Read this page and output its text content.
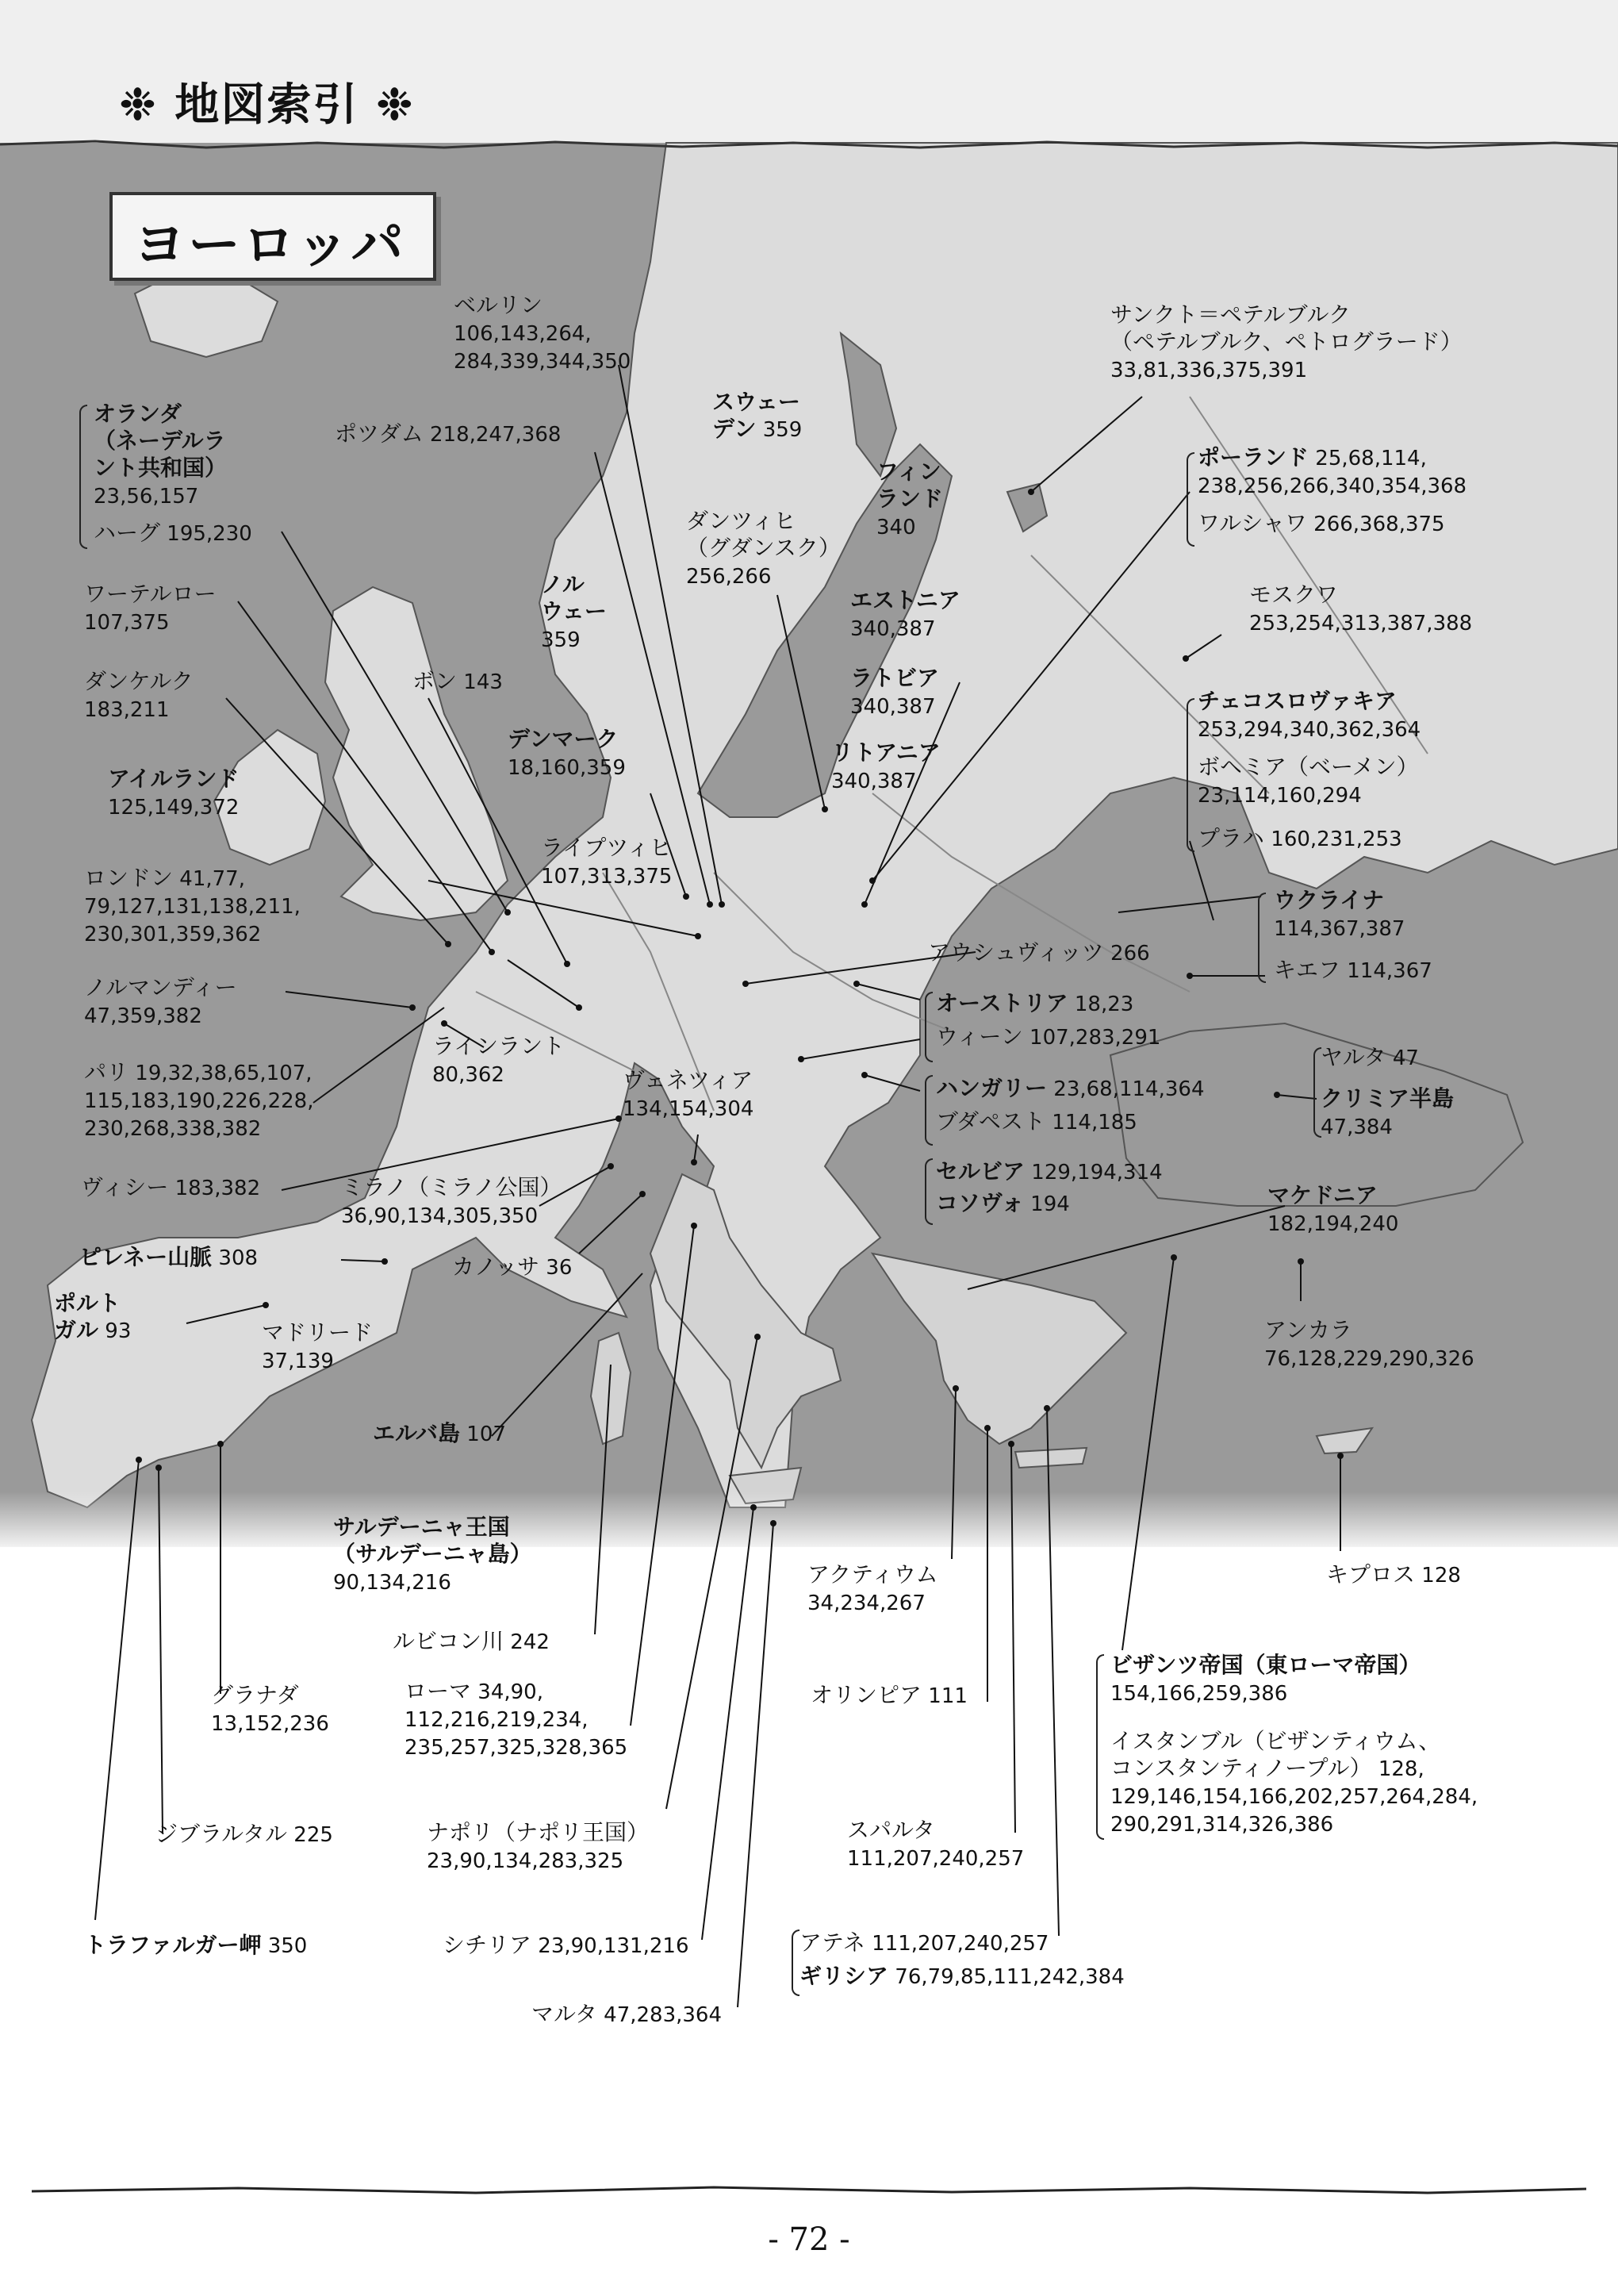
❉ 地図索引 ❉
ヨーロッパ
ベルリン
106,143,264,
284,339,344,350
ポツダム 218,247,368
サンクト＝ペテルブルク
（ペテルブルク、ペトログラード）
33,81,336,375,391
オランダ
（ネーデルラ
ント共和国）
23,56,157
ハーグ 195,230
スウェー
デン 359
フィン
ランド
340
ポーランド 25,68,114,
238,256,266,340,354,368
ワルシャワ 266,368,375
ダンツィヒ
（グダンスク）
256,266
ワーテルロー
107,375
ノル
ウェー
359
エストニア
340,387
モスクワ
253,254,313,387,388
ダンケルク
183,211
ボン 143	ラトビア
340,387	チェコスロヴァキア
253,294,340,362,364
デンマーク
18,160,359
リトアニア
340,387
ボヘミア（ベーメン）
23,114,160,294
アイルランド
125,149,372
プラハ 160,231,253
ライプツィヒ
107,313,375
ロンドン 41,77,
79,127,131,138,211,
230,301,359,362
ウクライナ
114,367,387
キエフ 114,367
アウシュヴィッツ 266
ノルマンディー
47,359,382	オーストリア 18,23
ウィーン 107,283,291
ラインラント
80,362
ヤルタ 47
パリ 19,32,38,65,107,
115,183,190,226,228,
230,268,338,382
ヴェネツィア
134,154,304
ハンガリー 23,68,114,364	クリミア半島
47,384
ブダペスト 114,185
ヴィシー 183,382	ミラノ（ミラノ公国）
36,90,134,305,350
セルビア 129,194,314
コソヴォ 194	マケドニア
182,194,240
ピレネー山脈 308	カノッサ 36
ポルト
ガル 93	マドリード
37,139
アンカラ
76,128,229,290,326
エルバ島 107
サルデーニャ王国
（サルデーニャ島）
90,134,216	アクティウム
34,234,267
キプロス 128
ルビコン川 242
ビザンツ帝国（東ローマ帝国）
154,166,259,386
グラナダ
13,152,236
ローマ 34,90,
112,216,219,234,
235,257,325,328,365
オリンピア 111
イスタンブル（ビザンティウム、
コンスタンティノープル） 128,
129,146,154,166,202,257,264,284,
290,291,314,326,386
ジブラルタル 225	ナポリ（ナポリ王国）
23,90,134,283,325
スパルタ
111,207,240,257
トラファルガー岬 350	シチリア 23,90,131,216	アテネ 111,207,240,257
ギリシア 76,79,85,111,242,384
マルタ 47,283,364
- 72 -
